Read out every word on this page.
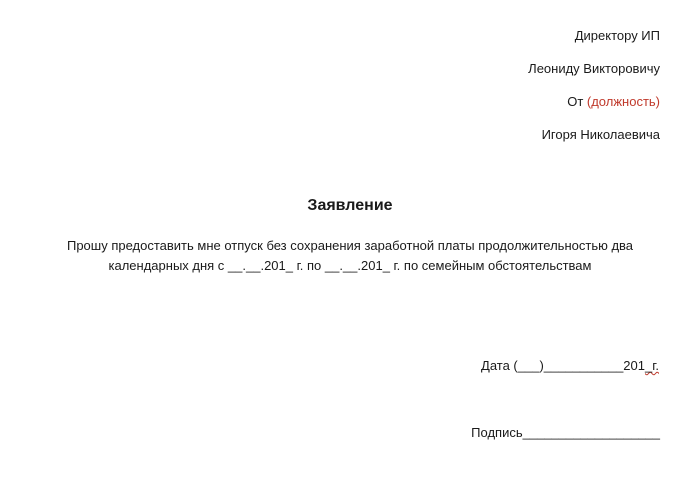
Директору ИП
Леониду Викторовичу
От (должность)
Игоря Николаевича
Заявление
Прошу предоставить мне отпуск без сохранения заработной платы продолжительностью два
календарных дня с __.__.201_ г. по __.__.201_ г. по семейным обстоятельствам
Дата (___)___________201_г.
Подпись___________________
